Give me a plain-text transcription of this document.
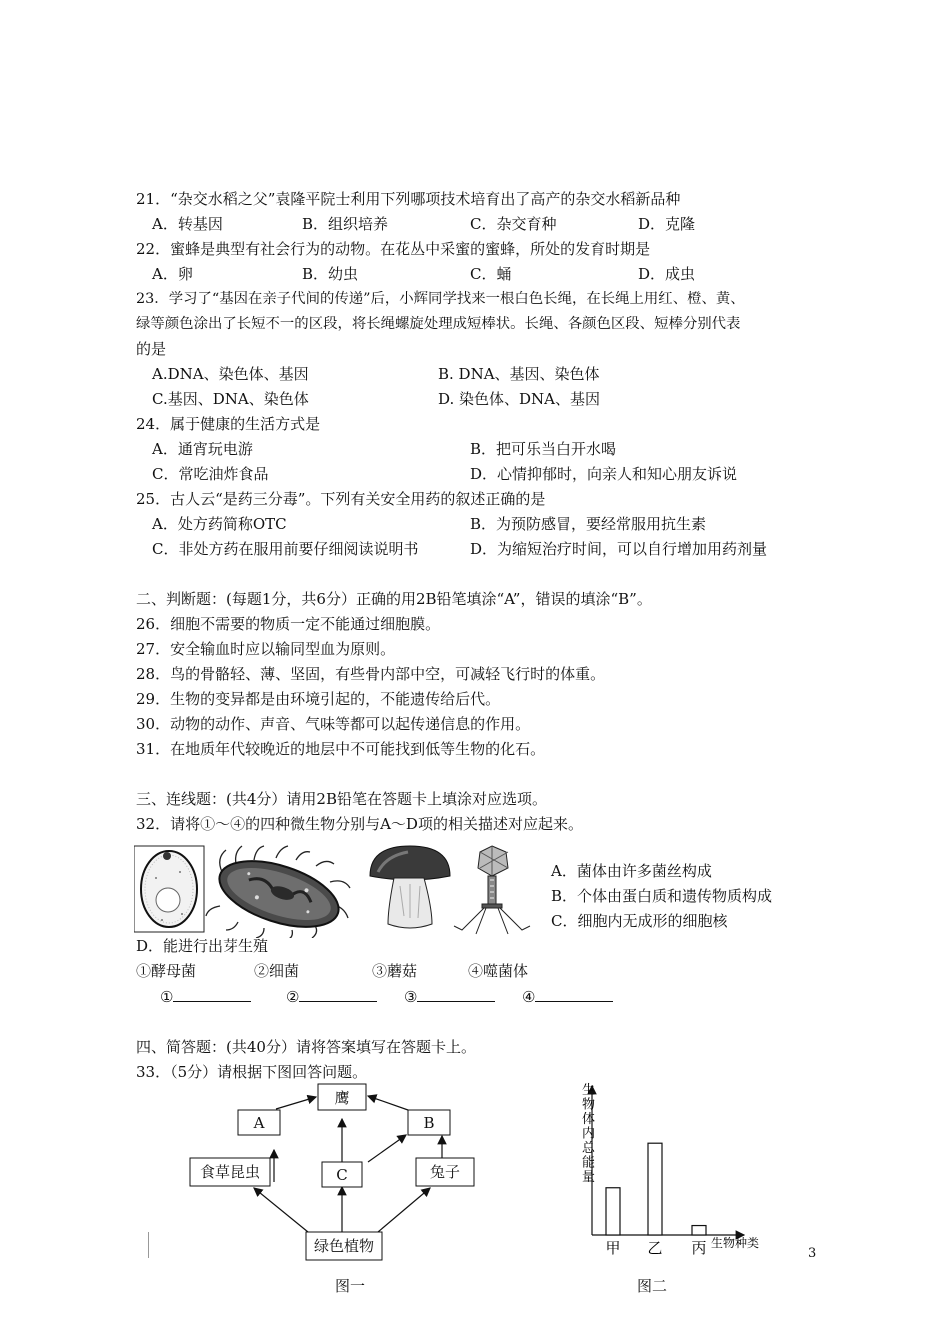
21．“杂交水稻之父”袁隆平院士利用下列哪项技术培育出了高产的杂交水稻新品种
A．转基因	B．组织培养	C．杂交育种	D．克隆
22．蜜蜂是典型有社会行为的动物。在花丛中采蜜的蜜蜂，所处的发育时期是
A．卵	B．幼虫	C．蛹	D．成虫
23．学习了“基因在亲子代间的传递”后，小辉同学找来一根白色长绳，在长绳上用红、橙、黄、
绿等颜色涂出了长短不一的区段，将长绳螺旋处理成短棒状。长绳、各颜色区段、短棒分别代表
的是
A.DNA、染色体、基因	B. DNA、基因、染色体
C.基因、DNA、染色体	D. 染色体、DNA、基因
24．属于健康的生活方式是
A．通宵玩电游	B．把可乐当白开水喝
C．常吃油炸食品	D．心情抑郁时，向亲人和知心朋友诉说
25．古人云“是药三分毒”。下列有关安全用药的叙述正确的是
A．处方药简称OTC	B．为预防感冒，要经常服用抗生素
C．非处方药在服用前要仔细阅读说明书	D．为缩短治疗时间，可以自行增加用药剂量
二、判断题：(每题1分，共6分）正确的用2B铅笔填涂“A”，错误的填涂“B”。
26．细胞不需要的物质一定不能通过细胞膜。
27．安全输血时应以输同型血为原则。
28．鸟的骨骼轻、薄、坚固，有些骨内部中空，可减轻飞行时的体重。
29．生物的变异都是由环境引起的，不能遗传给后代。
30．动物的动作、声音、气味等都可以起传递信息的作用。
31．在地质年代较晚近的地层中不可能找到低等生物的化石。
三、连线题：(共4分）请用2B铅笔在答题卡上填涂对应选项。
32．请将①～④的四种微生物分别与A～D项的相关描述对应起来。
A．菌体由许多菌丝构成
B．个体由蛋白质和遗传物质构成
C．细胞内无成形的细胞核
D．能进行出芽生殖
①酵母菌	②细菌	③蘑菇	④噬菌体
①	②	③	④
四、简答题：(共40分）请将答案填写在答题卡上。
33．（5分）请根据下图回答问题。
鹰
A	B
C
食草昆虫	兔子
绿色植物
图一
生物体内总能量
甲 乙 丙 生物种类
图二
3
